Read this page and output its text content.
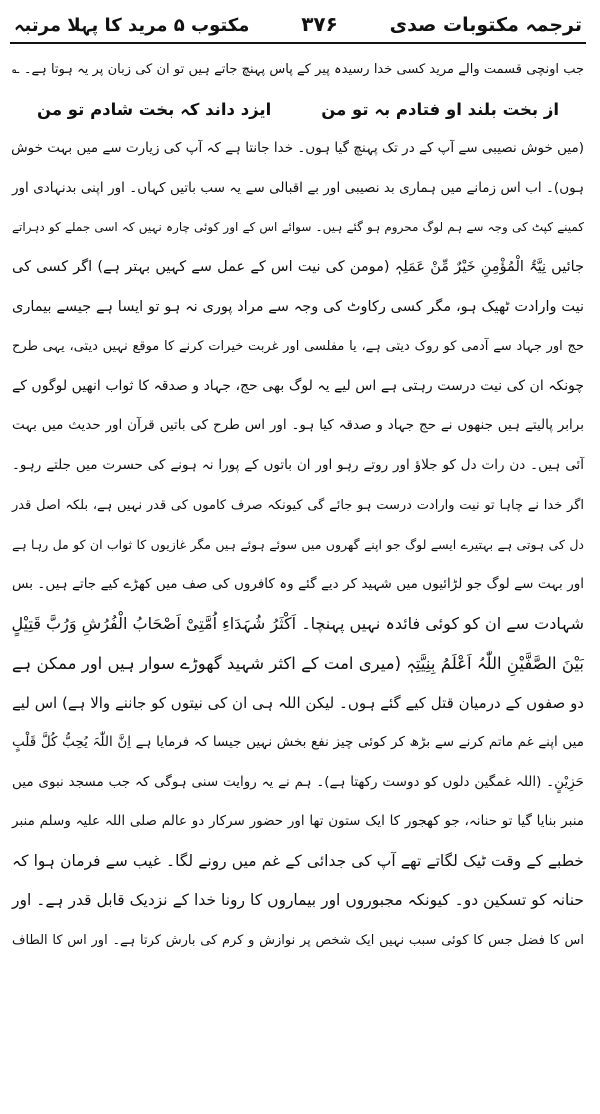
ترجمہ مکتوبات صدی
۳۷۶
مکتوب ۵ مرید کا پہلا مرتبہ
جب اونچی قسمت والے مرید کسی خدا رسیدہ پیر کے پاس پہنچ جاتے ہیں تو ان کی زبان پر یہ ہوتا ہے۔ ؎
از بخت بلند او فتادم بہ تو من
ایزد داند کہ بخت شادم تو من
(میں خوش نصیبی سے آپ کے در تک پہنچ گیا ہوں۔ خدا جانتا ہے کہ آپ کی زیارت سے میں بہت خوش
ہوں)۔ اب اس زمانے میں ہماری بد نصیبی اور بے اقبالی سے یہ سب باتیں کہاں۔ اور اپنی بدنہادی اور
کمینے کپٹ کی وجہ سے ہم لوگ محروم ہو گئے ہیں۔ سوائے اس کے اور کوئی چارہ نہیں کہ اسی جملے کو دہراتے
جائیں نِیَّۃُ الْمُؤْمِنِ خَیْرٌ مِّنْ عَمَلِہٖ (مومن کی نیت اس کے عمل سے کہیں بہتر ہے) اگر کسی کی
نیت وارادت ٹھیک ہو، مگر کسی رکاوٹ کی وجہ سے مراد پوری نہ ہو تو ایسا ہے جیسے بیماری
حج اور جہاد سے آدمی کو روک دیتی ہے، یا مفلسی اور غربت خیرات کرنے کا موقع نہیں دیتی، یہی طرح
چونکہ ان کی نیت درست رہتی ہے اس لیے یہ لوگ بھی حج، جہاد و صدقہ کا ثواب انھیں لوگوں کے
برابر پالیتے ہیں جنھوں نے حج جہاد و صدقہ کیا ہو۔ اور اس طرح کی باتیں قرآن اور حدیث میں بہت
آئی ہیں۔ دن رات دل کو جلاؤ اور روتے رہو اور ان باتوں کے پورا نہ ہونے کی حسرت میں جلتے رہو۔
اگر خدا نے چاہا تو نیت وارادت درست ہو جائے گی کیونکہ صرف کاموں کی قدر نہیں ہے، بلکہ اصل قدر
دل کی ہوتی ہے بہتیرے ایسے لوگ جو اپنے گھروں میں سوئے ہوئے ہیں مگر غازیوں کا ثواب ان کو مل رہا ہے
اور بہت سے لوگ جو لڑائیوں میں شہید کر دیے گئے وہ کافروں کی صف میں کھڑے کیے جاتے ہیں۔ بس
شہادت سے ان کو کوئی فائدہ نہیں پہنچا۔ اَکْثَرُ شُہَدَاءِ اُمَّتِیْ اَصْحَابُ الْفُرُشِ وَرُبَّ قَتِیْلٍ
بَیْنَ الصَّفَّیْنِ اللّٰہُ اَعْلَمُ بِنِیَّتِہٖ (میری امت کے اکثر شہید گھوڑے سوار ہیں اور ممکن ہے
دو صفوں کے درمیان قتل کیے گئے ہوں۔ لیکن اللہ ہی ان کی نیتوں کو جاننے والا ہے) اس لیے
میں اپنے غم ماتم کرنے سے بڑھ کر کوئی چیز نفع بخش نہیں جیسا کہ فرمایا ہے اِنَّ اللّٰہَ یُحِبُّ کُلَّ قَلْبٍ
حَزِیْنٍ۔ (اللہ غمگین دلوں کو دوست رکھتا ہے)۔ ہم نے یہ روایت سنی ہوگی کہ جب مسجد نبوی میں
منبر بنایا گیا تو حنانہ، جو کھجور کا ایک ستون تھا اور حضور سرکار دو عالم صلی اللہ علیہ وسلم منبر
خطبے کے وقت ٹیک لگاتے تھے آپ کی جدائی کے غم میں رونے لگا۔ غیب سے فرمان ہوا کہ
حنانہ کو تسکین دو۔ کیونکہ مجبوروں اور بیماروں کا رونا خدا کے نزدیک قابل قدر ہے۔ اور
اس کا فضل جس کا کوئی سبب نہیں ایک شخص پر نوازش و کرم کی بارش کرتا ہے۔ اور اس کا الطاف
